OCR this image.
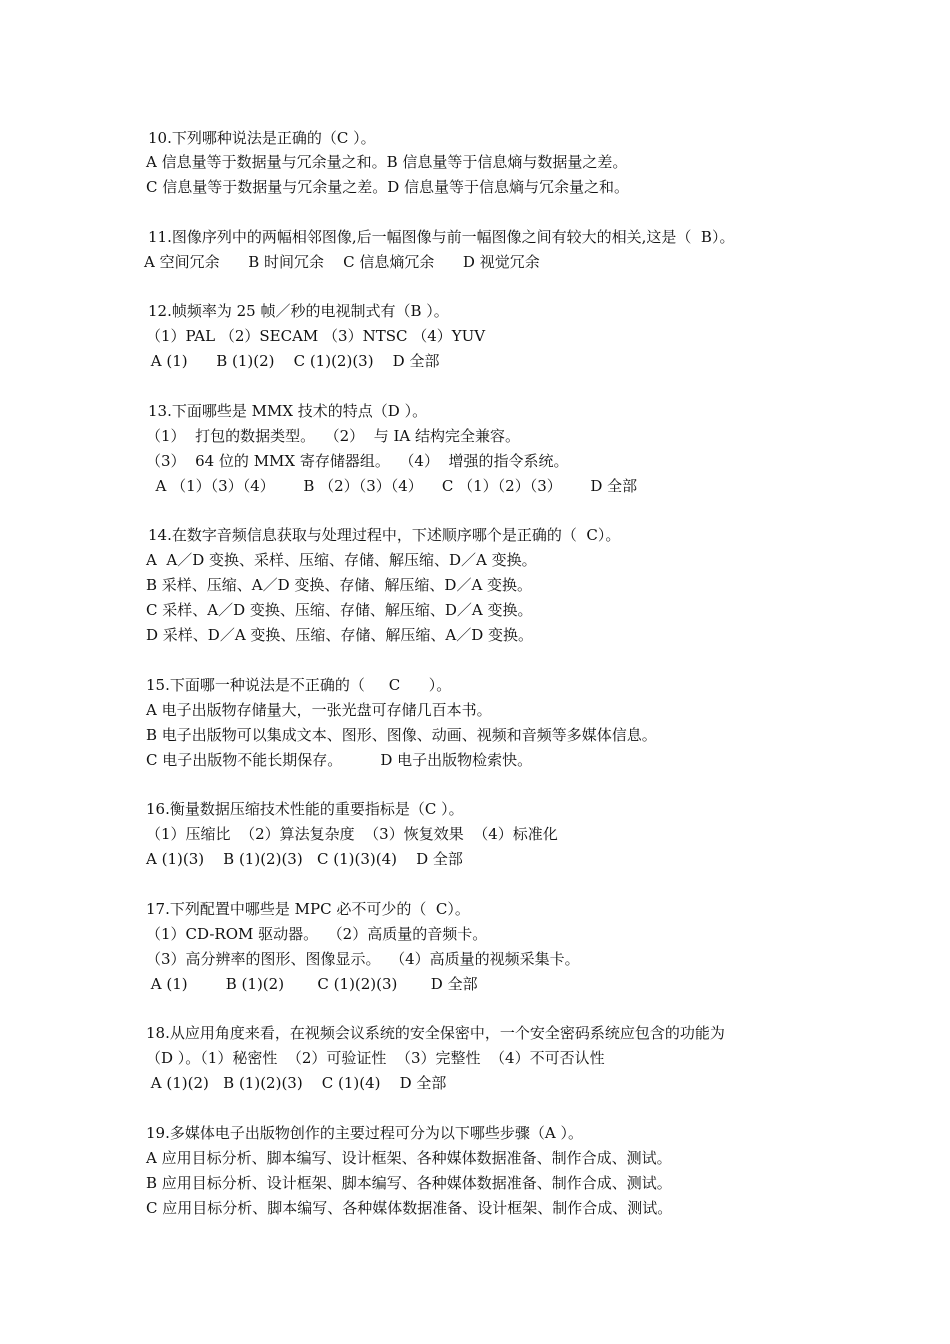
10.下列哪种说法是正确的（C ）。
A 信息量等于数据量与冗余量之和。B 信息量等于信息熵与数据量之差。
C 信息量等于数据量与冗余量之差。D 信息量等于信息熵与冗余量之和。
11.图像序列中的两幅相邻图像,后一幅图像与前一幅图像之间有较大的相关,这是（  B）。
A 空间冗余      B 时间冗余    C 信息熵冗余      D 视觉冗余
12.帧频率为 25 帧／秒的电视制式有（B ）。
（1）PAL （2）SECAM （3）NTSC （4）YUV
A (1)      B (1)(2)    C (1)(2)(3)    D 全部
13.下面哪些是 MMX 技术的特点（D ）。
（1）  打包的数据类型。  （2）  与 IA 结构完全兼容。
（3）  64 位的 MMX 寄存储器组。  （4）  增强的指令系统。
A （1）（3）（4）      B （2）（3）（4）    C （1）（2）（3）      D 全部
14.在数字音频信息获取与处理过程中，下述顺序哪个是正确的（  C）。
A  A／D 变换、采样、压缩、存储、解压缩、D／A 变换。
B 采样、压缩、A／D 变换、存储、解压缩、D／A 变换。
C 采样、A／D 变换、压缩、存储、解压缩、D／A 变换。
D 采样、D／A 变换、压缩、存储、解压缩、A／D 变换。
15.下面哪一种说法是不正确的（     C      ）。
A 电子出版物存储量大，一张光盘可存储几百本书。
B 电子出版物可以集成文本、图形、图像、动画、视频和音频等多媒体信息。
C 电子出版物不能长期保存。        D 电子出版物检索快。
16.衡量数据压缩技术性能的重要指标是（C ）。
（1）压缩比  （2）算法复杂度  （3）恢复效果  （4）标准化
A (1)(3)    B (1)(2)(3)   C (1)(3)(4)    D 全部
17.下列配置中哪些是 MPC 必不可少的（  C）。
（1）CD-ROM 驱动器。  （2）高质量的音频卡。
（3）高分辨率的图形、图像显示。  （4）高质量的视频采集卡。
A (1)        B (1)(2)       C (1)(2)(3)       D 全部
18.从应用角度来看，在视频会议系统的安全保密中，一个安全密码系统应包含的功能为
（D ）。（1）秘密性  （2）可验证性  （3）完整性  （4）不可否认性
A (1)(2)   B (1)(2)(3)    C (1)(4)    D 全部
19.多媒体电子出版物创作的主要过程可分为以下哪些步骤（A ）。
A 应用目标分析、脚本编写、设计框架、各种媒体数据准备、制作合成、测试。
B 应用目标分析、设计框架、脚本编写、各种媒体数据准备、制作合成、测试。
C 应用目标分析、脚本编写、各种媒体数据准备、设计框架、制作合成、测试。
